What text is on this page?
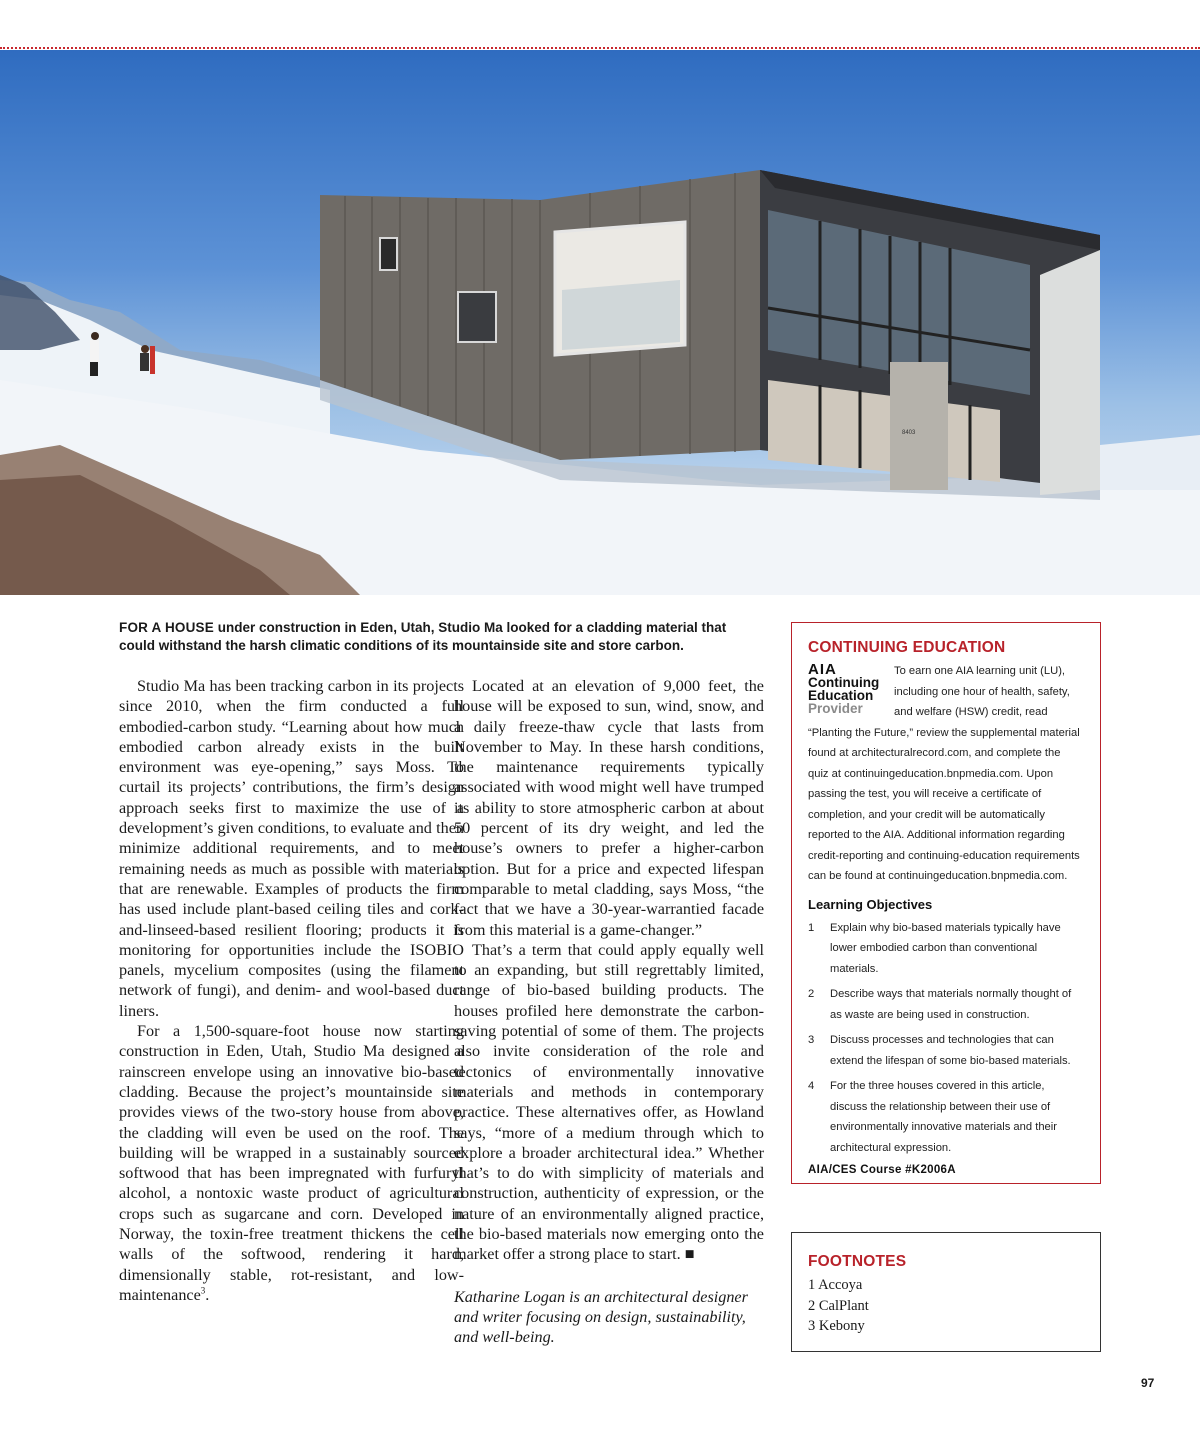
8403
FOR A HOUSE under construction in Eden, Utah, Studio Ma looked for a cladding material that could withstand the harsh climatic conditions of its mountainside site and store carbon.

Studio Ma has been tracking carbon in its projects since 2010, when the firm conducted a full embodied-carbon study. “Learning about how much embodied carbon already exists in the built environment was eye-opening,” says Moss. To curtail its projects’ contributions, the firm’s design approach seeks first to maximize the use of a development’s given conditions, to evaluate and then minimize additional requirements, and to meet remaining needs as much as possible with materials that are renewable. Examples of products the firm has used include plant-based ceiling tiles and cork-and-linseed-based resilient flooring; products it is monitoring for opportunities include the ISOBIO panels, mycelium composites (using the filament network of fungi), and denim- and wool-based duct liners.

For a 1,500-square-foot house now starting construction in Eden, Utah, Studio Ma designed a rainscreen envelope using an innovative bio-based cladding. Because the project’s mountainside site provides views of the two-story house from above, the cladding will even be used on the roof. The building will be wrapped in a sustainably sourced softwood that has been impregnated with furfuryl alcohol, a nontoxic waste product of agricultural crops such as sugarcane and corn. Developed in Norway, the toxin-free treatment thickens the cell walls of the softwood, rendering it hard, dimensionally stable, rot-resistant, and low-maintenance$^3$.

Located at an elevation of 9,000 feet, the house will be exposed to sun, wind, snow, and a daily freeze-thaw cycle that lasts from November to May. In these harsh conditions, the maintenance requirements typically associated with wood might well have trumped its ability to store atmospheric carbon at about 50 percent of its dry weight, and led the house’s owners to prefer a higher-carbon option. But for a price and expected lifespan comparable to metal cladding, says Moss, “the fact that we have a 30-year-warrantied facade from this material is a game-changer.”

That’s a term that could apply equally well to an expanding, but still regrettably limited, range of bio-based building products. The houses profiled here demonstrate the carbon-saving potential of some of them. The projects also invite consideration of the role and tectonics of environmentally innovative materials and methods in contemporary practice. These alternatives offer, as Howland says, “more of a medium through which to explore a broader architectural idea.” Whether that’s to do with simplicity of materials and construction, authenticity of expression, or the nature of an environmentally aligned practice, the bio-based materials now emerging onto the market offer a strong place to start. ■

Katharine Logan is an architectural designer and writer focusing on design, sustainability, and well-being.

CONTINUING EDUCATION

AIA
Continuing
Education
Provider
To earn one AIA learning unit (LU), including one hour of health, safety, and welfare (HSW) credit, read “Planting the Future,” review the supplemental material found at architecturalrecord.com, and complete the quiz at continuingeducation.bnpmedia.com. Upon passing the test, you will receive a certificate of completion, and your credit will be automatically reported to the AIA. Additional information regarding credit-reporting and continuing-education requirements can be found at continuingeducation.bnpmedia.com.
Learning Objectives
1	Explain why bio-based materials typically have lower embodied carbon than conventional materials.
2	Describe ways that materials normally thought of as waste are being used in construction.
3	Discuss processes and technologies that can extend the lifespan of some bio-based materials.
4	For the three houses covered in this article, discuss the relationship between their use of environmentally innovative materials and their architectural expression.
AIA/CES Course #K2006A

FOOTNOTES

1 Accoya
2 CalPlant
3 Kebony
97
